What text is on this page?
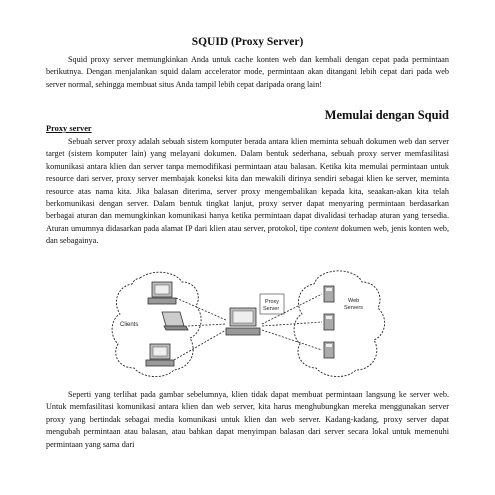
SQUID (Proxy Server)

Squid proxy server memungkinkan Anda untuk cache konten web dan kembali dengan cepat pada permintaan berikutnya. Dengan menjalankan squid dalam accelerator mode, permintaan akan ditangani lebih cepat dari pada web server normal, sehingga membuat situs Anda tampil lebih cepat daripada orang lain!

Memulai dengan Squid
Proxy server

Sebuah server proxy adalah sebuah sistem komputer berada antara klien meminta sebuah dokumen web dan server target (sistem komputer lain) yang melayani dokumen. Dalam bentuk sederhana, sebuah proxy server memfasilitasi komunikasi antara klien dan server tanpa memodifikasi permintaan atau balasan. Ketika kita memulai permintaan untuk resource dari server, proxy server membajak koneksi kita dan mewakili dirinya sendiri sebagai klien ke server, meminta resource atas nama kita. Jika balasan diterima, server proxy mengembalikan kepada kita, seaakan-akan kita telah berkomunikasi dengan server. Dalam bentuk tingkat lanjut, proxy server dapat menyaring permintaan berdasarkan berbagai aturan dan memungkinkan komunikasi hanya ketika permintaan dapat divalidasi terhadap aturan yang tersedia. Aturan umumnya didasarkan pada alamat IP dari klien atau server, protokol, tipe content dokumen web, jenis konten web, dan sebagainya.

Clients
Proxy
Server
Web
Servers

Seperti yang terlihat pada gambar sebelumnya, klien tidak dapat membuat permintaan langsung ke server web. Untuk memfasilitasi komunikasi antara klien dan web server, kita harus menghubungkan mereka menggunakan server proxy yang bertindak sebagai media komunikasi untuk klien dan web server. Kadang-kadang, proxy server dapat mengubah permintaan atau balasan, atau bahkan dapat menyimpan balasan dari server secara lokal untuk memenuhi permintaan yang sama dari
